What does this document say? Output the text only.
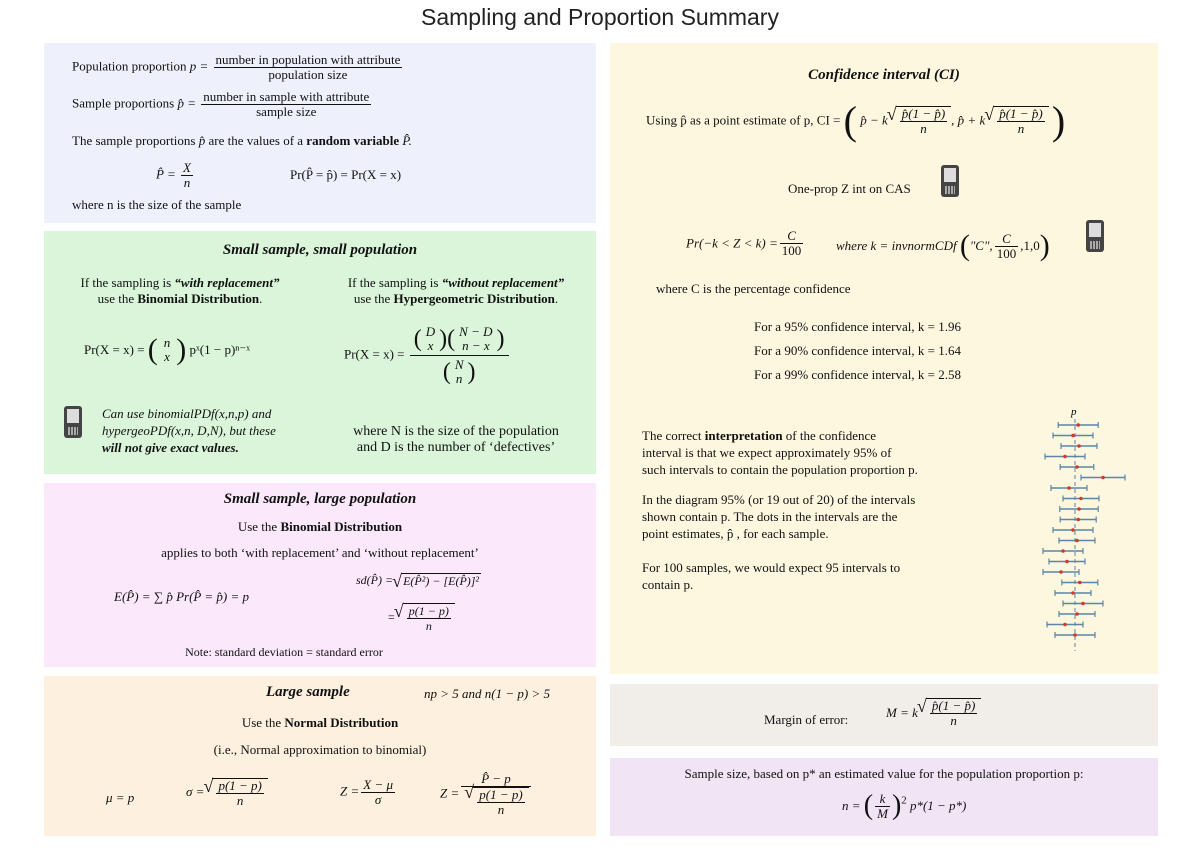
Sampling and Proportion Summary
Population proportion $p = \frac{\text{number in population with attribute}}{\text{population size}}$
Sample proportions p̂ = $\frac{\text{number in sample with attribute}}{\text{sample size}}$
The sample proportions p̂ are the values of a random variable P̂.
P̂ = $\frac{X}{n}$	Pr(P̂ = p̂) = Pr(X = x)
where n is the size of the sample
Small sample, small population
If the sampling is “with replacement”
use the Binomial Distribution.
If the sampling is “without replacement”
use the Hypergeometric Distribution.
Pr(X = x) = ( n
x ) pˣ(1 − p)ⁿ⁻ˣ	Pr(X = x) = ( D
x )( N − D
n − x )
( N
n )
Can use binomialPDf(x,n,p) and
hypergeoPDf(x,n, D,N), but these
will not give exact values.
where N is the size of the population
and D is the number of ‘defectives’
Small sample, large population
Use the Binomial Distribution
applies to both ‘with replacement’ and ‘without replacement’
E(P̂) = ∑ p̂ Pr(P̂ = p̂) = p
sd(P̂) = √ E(P̂²) − [E(P̂)]²
= √ $\frac{p(1 - p)}{n}$
Note: standard deviation = standard error
Large sample	np > 5 and n(1 − p) > 5
Use the Normal Distribution
(i.e., Normal approximation to binomial)
μ = p	σ = √ $\frac{p(1 - p)}{n}$	$Z = \frac{X - \mu}{\sigma}$	Z = P̂ − p
√ $\frac{p(1 - p)}{n}$
Confidence interval (CI)
Using p̂ as a point estimate of p, CI = ( p̂ − k √ $\frac{p̂(1 - p̂)}{n}$ , p̂ + k √ $\frac{p̂(1 - p̂)}{n}$ )
One-prop Z int on CAS
$Pr(-k < Z < k) = \frac{C}{100}$	where k = invnormCDf ("C", $\frac{C}{100} ,1,0$)
where C is the percentage confidence
For a 95% confidence interval, k = 1.96
For a 90% confidence interval, k = 1.64
For a 99% confidence interval, k = 2.58
The correct interpretation of the confidence
interval is that we expect approximately 95% of
such intervals to contain the population proportion p.
In the diagram 95% (or 19 out of 20) of the intervals
shown contain p. The dots in the intervals are the
point estimates, p̂ , for each sample.
For 100 samples, we would expect 95 intervals to
contain p.
p
Margin of error:	M = k √ $\frac{p̂(1 - p̂)}{n}$
Sample size, based on p* an estimated value for the population proportion p:
n = ( $\frac{k}{M} )^2$ p*(1 − p*)
